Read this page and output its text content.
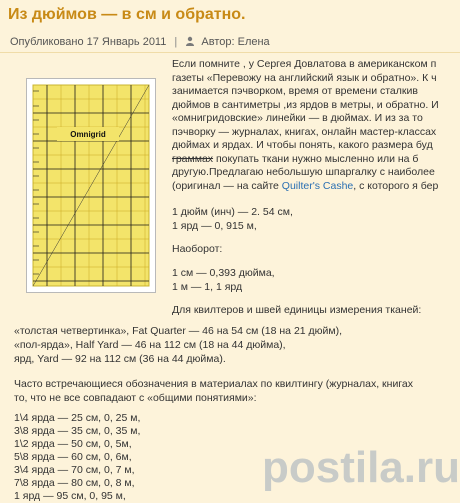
Из дюймов — в см и обратно.
Опубликовано 17 Январь 2011 | Автор: Елена
Omnigrid
Если помните , у Сергея Довлатова в американском п
газеты «Перевожу на английский язык и обратно». К ч
занимается пэчворком, время от времени сталкив
дюймов в сантиметры ,из ярдов в метры, и обратно. И
«омнигридовские» линейки — в дюймах. И из за то
пэчворку — журналах, книгах, онлайн мастер-классах
дюймах и ярдах. И чтобы понять, какого размера буд
граммах покупать ткани нужно мысленно или на б
другую.Предлагаю небольшую шпаргалку с наиболее
(оригинал — на сайте Quilter's Cashe, с которого я бер
1 дюйм (инч) — 2. 54 см,
1 ярд — 0, 915 м,
Наоборот:
1 см — 0,393 дюйма,
1 м — 1, 1 ярд
Для квилтеров и швей единицы измерения тканей:
«толстая четвертинка», Fat Quarter — 46 на 54 см (18 на 21 дюйм),
«пол-ярда», Half Yard — 46 на 112 см (18 на 44 дюйма),
ярд, Yard — 92 на 112 см (36 на 44 дюйма).
Часто встречающиеся обозначения в материалах по квилтингу (журналах, книгах
то, что не все совпадают с «общими понятиями»:
1\4 ярда — 25 см, 0, 25 м,
3\8 ярда — 35 см, 0, 35 м,
1\2 ярда — 50 см, 0, 5м,
5\8 ярда — 60 см, 0, 6м,
3\4 ярда — 70 см, 0, 7 м,
7\8 ярда — 80 см, 0, 8 м,
1 ярд — 95 см, 0, 95 м,
postila.ru
